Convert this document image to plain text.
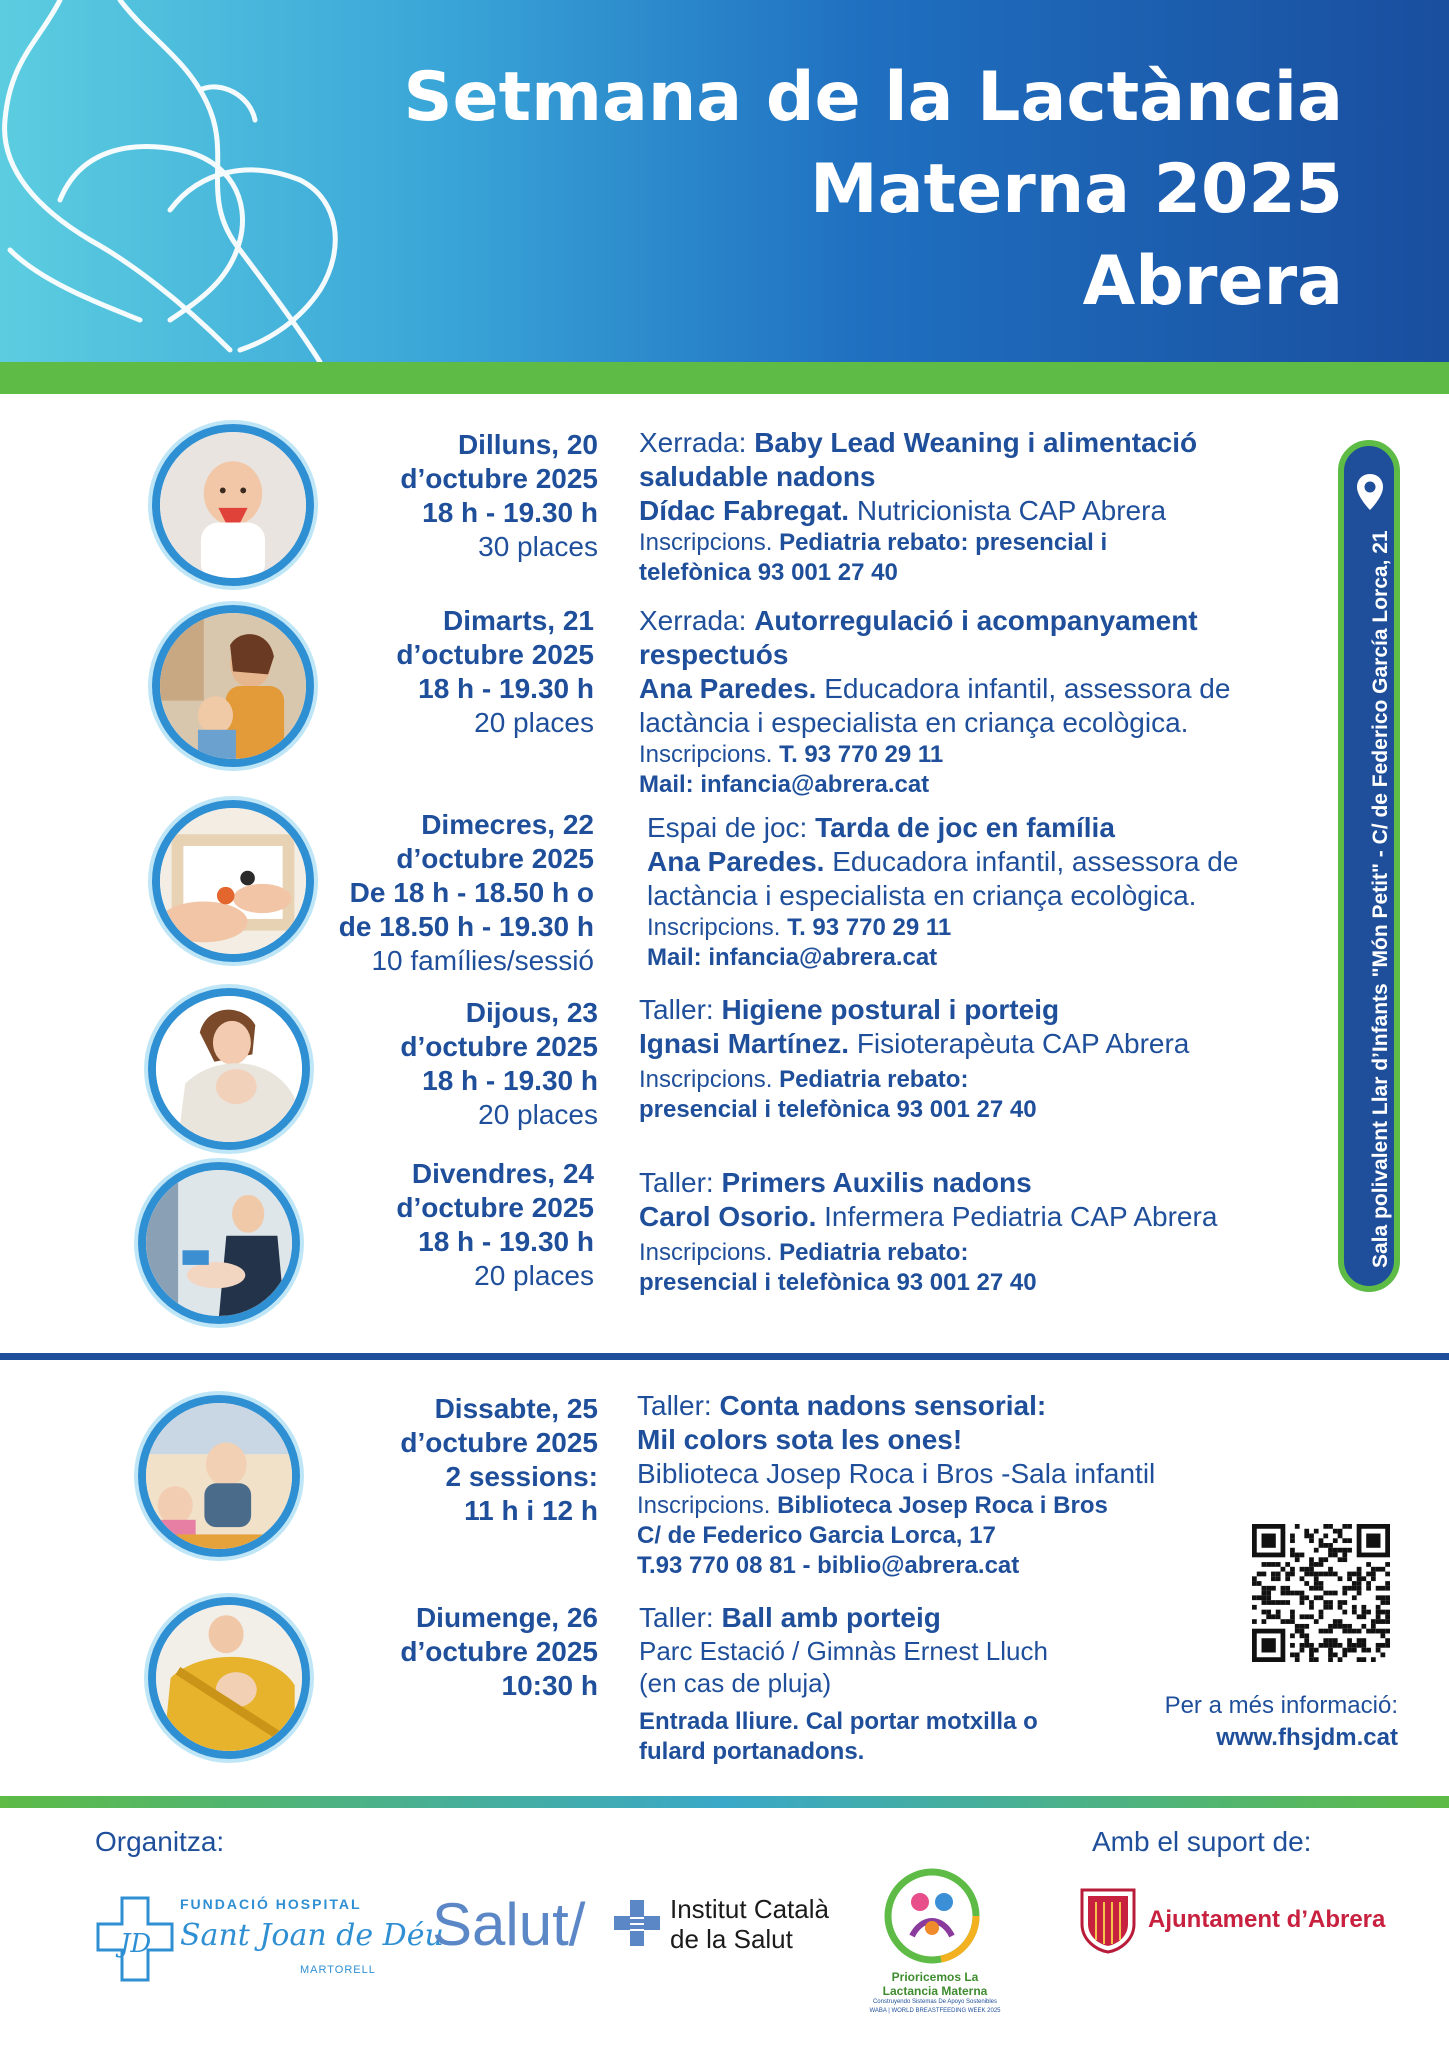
Setmana de la Lactància
Materna 2025
Abrera
Dilluns, 20
d’octubre 2025
18 h - 19.30 h
30 places
Xerrada: Baby Lead Weaning i alimentació
saludable nadons
Dídac Fabregat. Nutricionista CAP Abrera
Inscripcions. Pediatria rebato: presencial i
telefònica 93 001 27 40
Dimarts, 21
d’octubre 2025
18 h - 19.30 h
20 places
Xerrada: Autorregulació i acompanyament
respectuós
Ana Paredes. Educadora infantil, assessora de
lactància i especialista en criança ecològica.
Inscripcions. T. 93 770 29 11
Mail: infancia@abrera.cat
Dimecres, 22
d’octubre 2025
De 18 h - 18.50 h o
de 18.50 h - 19.30 h
10 famílies/sessió
Espai de joc: Tarda de joc en família
Ana Paredes. Educadora infantil, assessora de
lactància i especialista en criança ecològica.
Inscripcions. T. 93 770 29 11
Mail: infancia@abrera.cat
Dijous, 23
d’octubre 2025
18 h - 19.30 h
20 places
Taller: Higiene postural i porteig
Ignasi Martínez. Fisioterapèuta CAP Abrera
Inscripcions. Pediatria rebato:
presencial i telefònica 93 001 27 40
Divendres, 24
d’octubre 2025
18 h - 19.30 h
20 places
Taller: Primers Auxilis nadons
Carol Osorio. Infermera Pediatria CAP Abrera
Inscripcions. Pediatria rebato:
presencial i telefònica 93 001 27 40
Sala polivalent Llar d’Infants "Món Petit" - C/ de Federico García Lorca, 21
Dissabte, 25
d’octubre 2025
2 sessions:
11 h i 12 h
Taller: Conta nadons sensorial:
Mil colors sota les ones!
Biblioteca Josep Roca i Bros -Sala infantil
Inscripcions. Biblioteca Josep Roca i Bros
C/ de Federico Garcia Lorca, 17
T.93 770 08 81 - biblio@abrera.cat
Diumenge, 26
d’octubre 2025
10:30 h
Taller: Ball amb porteig
Parc Estació / Gimnàs Ernest Lluch
(en cas de pluja)
Entrada lliure. Cal portar motxilla o
fulard portanadons.
Per a més informació:
www.fhsjdm.cat
Organitza:	Amb el suport de:
JD
FUNDACIÓ HOSPITAL
Sant Joan de Déu
MARTORELL
Salut/	Institut Català
de la Salut
Prioricemos La
Lactancia Materna
Construyendo Sistemas De Apoyo Sostenibles
WABA | WORLD BREASTFEEDING WEEK 2025
Ajuntament d’Abrera
